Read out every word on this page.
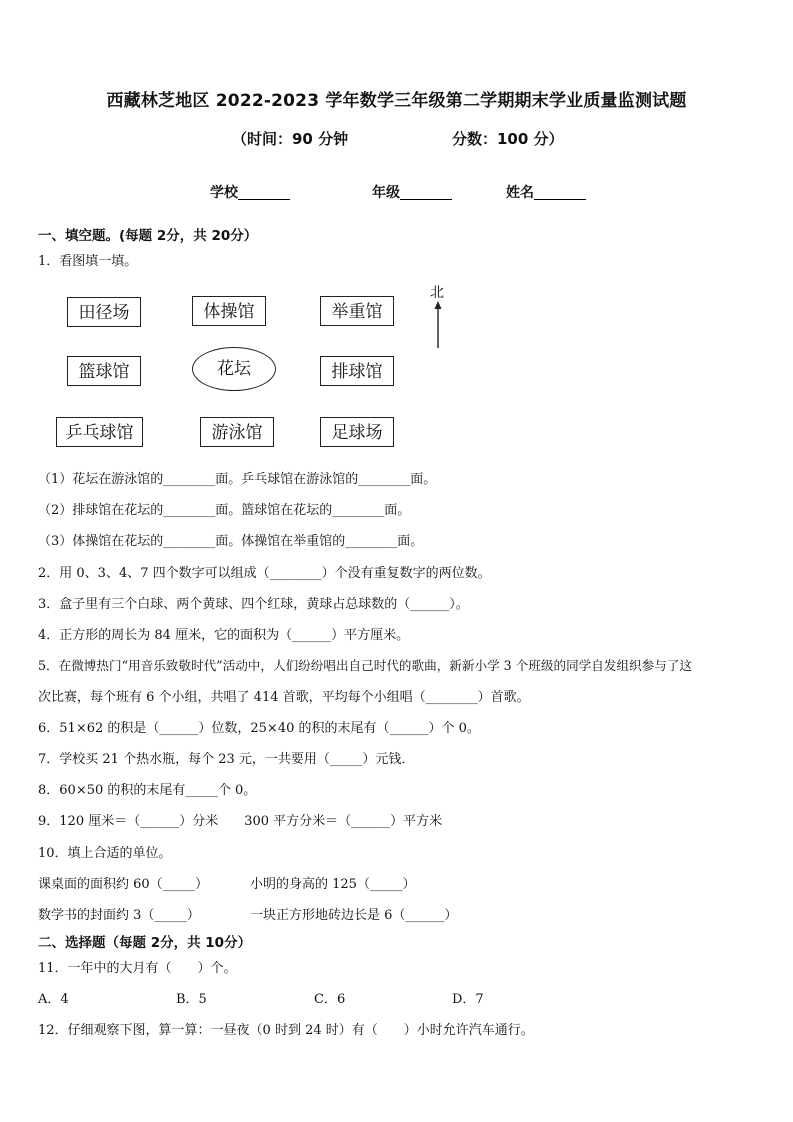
西藏林芝地区 2022-2023 学年数学三年级第二学期期末学业质量监测试题
（时间：90 分钟	分数：100 分）
学校	年级	姓名
一、填空题。(每题 2分，共 20分）
1．看图填一填。
田径场	体操馆	举重馆
篮球馆	花坛	排球馆
乒乓球馆	游泳馆	足球场
北
（1）花坛在游泳馆的________面。乒乓球馆在游泳馆的________面。
（2）排球馆在花坛的________面。篮球馆在花坛的________面。
（3）体操馆在花坛的________面。体操馆在举重馆的________面。
2．用 0、3、4、7 四个数字可以组成（________）个没有重复数字的两位数。
3．盒子里有三个白球、两个黄球、四个红球，黄球占总球数的（______）。
4．正方形的周长为 84 厘米，它的面积为（______）平方厘米。
5．在微博热门“用音乐致敬时代”活动中，人们纷纷唱出自己时代的歌曲，新新小学 3 个班级的同学自发组织参与了这
次比赛，每个班有 6 个小组，共唱了 414 首歌，平均每个小组唱（________）首歌。
6．51×62 的积是（______）位数，25×40 的积的末尾有（______）个 0。
7．学校买 21 个热水瓶，每个 23 元，一共要用（_____）元钱．
8．60×50 的积的末尾有_____个 0。
9．120 厘米＝（______）分米　　300 平方分米＝（______）平方米
10．填上合适的单位。
课桌面的面积约 60（_____）	小明的身高的 125（_____）
数学书的封面约 3（_____）	一块正方形地砖边长是 6（______）
二、选择题（每题 2分，共 10分）
11．一年中的大月有（　　）个。
A．4	B．5	C．6	D．7
12．仔细观察下图，算一算：一昼夜（0 时到 24 时）有（　　）小时允许汽车通行。
